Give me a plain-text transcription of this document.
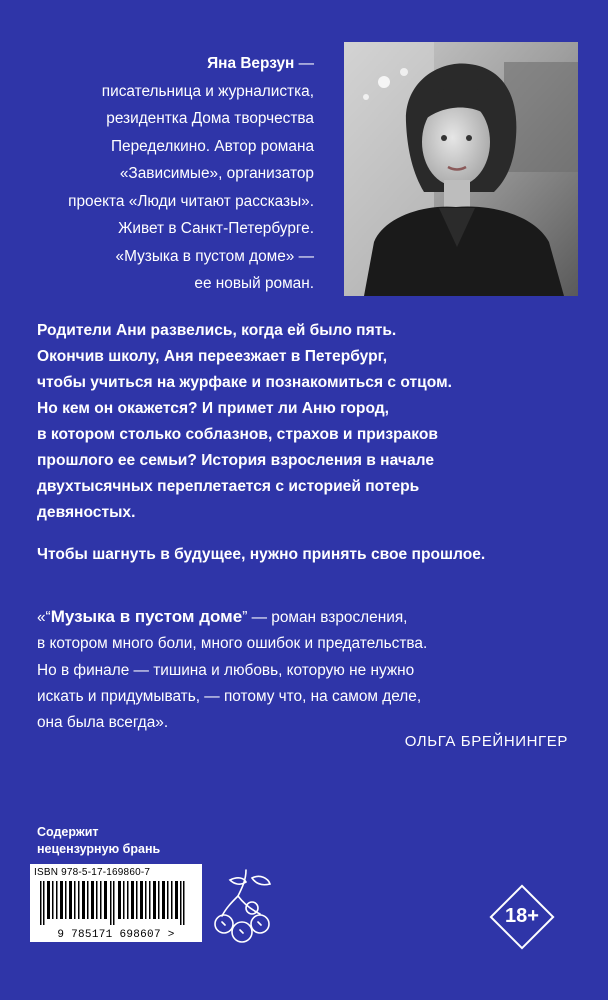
Яна Верзун —
писательница и журналистка,
резидентка Дома творчества
Переделкино. Автор романа
«Зависимые», организатор
проекта «Люди читают рассказы».
Живет в Санкт-Петербурге.
«Музыка в пустом доме» —
ее новый роман.

Родители Ани развелись, когда ей было пять.

Окончив школу, Аня переезжает в Петербург,

чтобы учиться на журфаке и познакомиться с отцом.

Но кем он окажется? И примет ли Аню город,

в котором столько соблазнов, страхов и призраков

прошлого ее семьи? История взросления в начале

двухтысячных переплетается с историей потерь

девяностых.

Чтобы шагнуть в будущее, нужно принять свое прошлое.

«“Музыка в пустом доме” — роман взросления,

в котором много боли, много ошибок и предательства.

Но в финале — тишина и любовь, которую не нужно

искать и придумывать, — потому что, на самом деле,

она была всегда».

ОЛЬГА БРЕЙНИНГЕР
Содержит
нецензурную брань
ISBN 978-5-17-169860-7
9 785171 698607 >
18+
